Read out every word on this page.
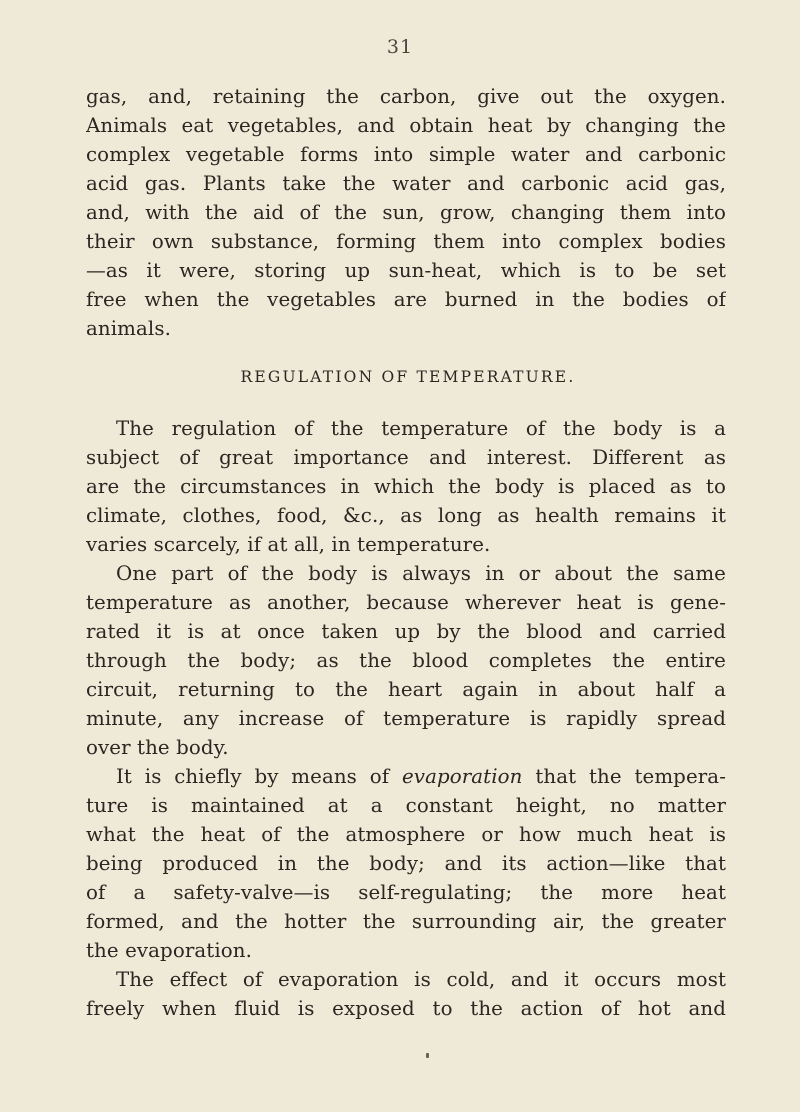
31
gas, and, retaining the carbon, give out the oxygen.
Animals eat vegetables, and obtain heat by changing the
complex vegetable forms into simple water and carbonic
acid gas. Plants take the water and carbonic acid gas,
and, with the aid of the sun, grow, changing them into
their own substance, forming them into complex bodies
—as it were, storing up sun-heat, which is to be set
free when the vegetables are burned in the bodies of
animals.
REGULATION OF TEMPERATURE.
The regulation of the temperature of the body is a
subject of great importance and interest. Different as
are the circumstances in which the body is placed as to
climate, clothes, food, &c., as long as health remains it
varies scarcely, if at all, in temperature.
One part of the body is always in or about the same
temperature as another, because wherever heat is gene-
rated it is at once taken up by the blood and carried
through the body; as the blood completes the entire
circuit, returning to the heart again in about half a
minute, any increase of temperature is rapidly spread
over the body.
It is chiefly by means of evaporation that the tempera-
ture is maintained at a constant height, no matter
what the heat of the atmosphere or how much heat is
being produced in the body; and its action—like that
of a safety-valve—is self-regulating; the more heat
formed, and the hotter the surrounding air, the greater
the evaporation.
The effect of evaporation is cold, and it occurs most
freely when fluid is exposed to the action of hot and
